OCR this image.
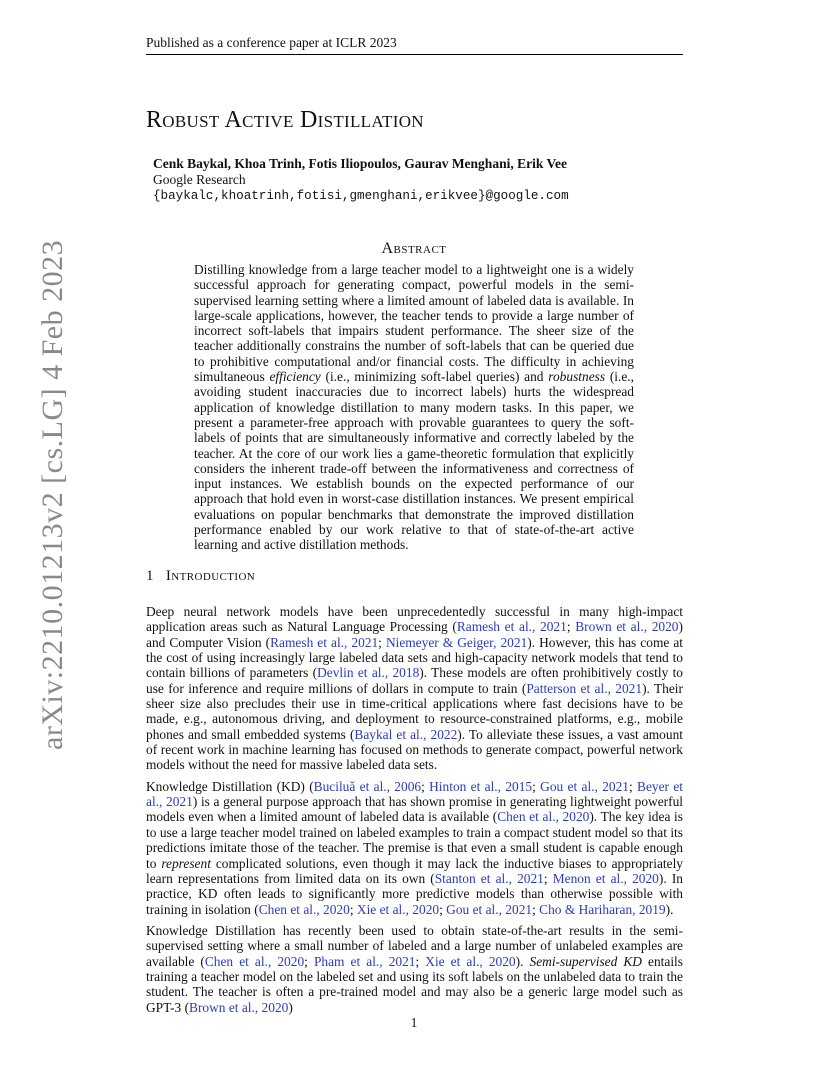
Published as a conference paper at ICLR 2023
arXiv:2210.01213v2 [cs.LG] 4 Feb 2023
Robust Active Distillation
Cenk Baykal, Khoa Trinh, Fotis Iliopoulos, Gaurav Menghani, Erik Vee
Google Research
{baykalc,khoatrinh,fotisi,gmenghani,erikvee}@google.com
Abstract

Distilling knowledge from a large teacher model to a lightweight one is a widely successful approach for generating compact, powerful models in the semi-supervised learning setting where a limited amount of labeled data is available. In large-scale applications, however, the teacher tends to provide a large number of incorrect soft-labels that impairs student performance. The sheer size of the teacher additionally constrains the number of soft-labels that can be queried due to prohibitive computational and/or financial costs. The difficulty in achieving simultaneous efficiency (i.e., minimizing soft-label queries) and robustness (i.e., avoiding student inaccuracies due to incorrect labels) hurts the widespread application of knowledge distillation to many modern tasks. In this paper, we present a parameter-free approach with provable guarantees to query the soft-labels of points that are simultaneously informative and correctly labeled by the teacher. At the core of our work lies a game-theoretic formulation that explicitly considers the inherent trade-off between the informativeness and correctness of input instances. We establish bounds on the expected performance of our approach that hold even in worst-case distillation instances. We present empirical evaluations on popular benchmarks that demonstrate the improved distillation performance enabled by our work relative to that of state-of-the-art active learning and active distillation methods.

1 Introduction

Deep neural network models have been unprecedentedly successful in many high-impact application areas such as Natural Language Processing (Ramesh et al., 2021; Brown et al., 2020) and Computer Vision (Ramesh et al., 2021; Niemeyer & Geiger, 2021). However, this has come at the cost of using increasingly large labeled data sets and high-capacity network models that tend to contain billions of parameters (Devlin et al., 2018). These models are often prohibitively costly to use for inference and require millions of dollars in compute to train (Patterson et al., 2021). Their sheer size also precludes their use in time-critical applications where fast decisions have to be made, e.g., autonomous driving, and deployment to resource-constrained platforms, e.g., mobile phones and small embedded systems (Baykal et al., 2022). To alleviate these issues, a vast amount of recent work in machine learning has focused on methods to generate compact, powerful network models without the need for massive labeled data sets.

Knowledge Distillation (KD) (Buciluǎ et al., 2006; Hinton et al., 2015; Gou et al., 2021; Beyer et al., 2021) is a general purpose approach that has shown promise in generating lightweight powerful models even when a limited amount of labeled data is available (Chen et al., 2020). The key idea is to use a large teacher model trained on labeled examples to train a compact student model so that its predictions imitate those of the teacher. The premise is that even a small student is capable enough to represent complicated solutions, even though it may lack the inductive biases to appropriately learn representations from limited data on its own (Stanton et al., 2021; Menon et al., 2020). In practice, KD often leads to significantly more predictive models than otherwise possible with training in isolation (Chen et al., 2020; Xie et al., 2020; Gou et al., 2021; Cho & Hariharan, 2019).

Knowledge Distillation has recently been used to obtain state-of-the-art results in the semi-supervised setting where a small number of labeled and a large number of unlabeled examples are available (Chen et al., 2020; Pham et al., 2021; Xie et al., 2020). Semi-supervised KD entails training a teacher model on the labeled set and using its soft labels on the unlabeled data to train the student. The teacher is often a pre-trained model and may also be a generic large model such as GPT-3 (Brown et al., 2020)

1
